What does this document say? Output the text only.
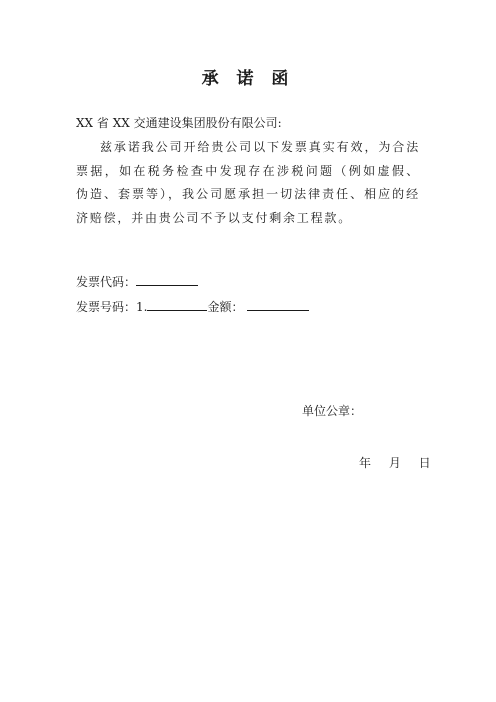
承 诺 函
XX 省 XX 交通建设集团股份有限公司:
兹承诺我公司开给贵公司以下发票真实有效，为合法票据，如在税务检查中发现存在涉税问题（例如虚假、伪造、套票等），我公司愿承担一切法律责任、相应的经济赔偿，并由贵公司不予以支付剩余工程款。
发票代码：
发票号码：1.	金额：
单位公章：
年 月 日
